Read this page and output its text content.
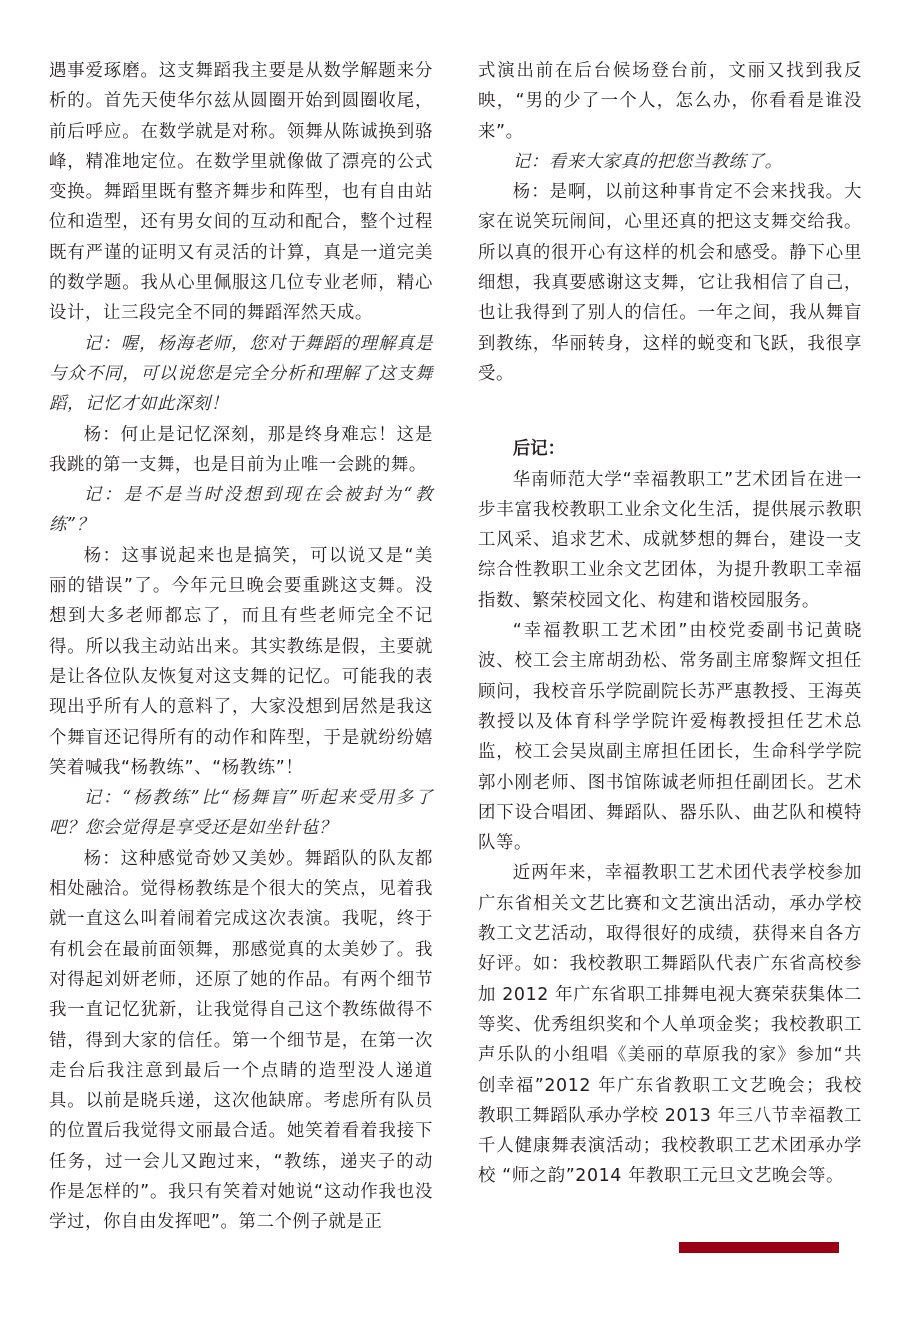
遇事爱琢磨。这支舞蹈我主要是从数学解题来分析的。首先天使华尔兹从圆圈开始到圆圈收尾，前后呼应。在数学就是对称。领舞从陈诚换到骆峰，精准地定位。在数学里就像做了漂亮的公式变换。舞蹈里既有整齐舞步和阵型，也有自由站位和造型，还有男女间的互动和配合，整个过程既有严谨的证明又有灵活的计算，真是一道完美的数学题。我从心里佩服这几位专业老师，精心设计，让三段完全不同的舞蹈浑然天成。

记：喔，杨海老师，您对于舞蹈的理解真是与众不同，可以说您是完全分析和理解了这支舞蹈，记忆才如此深刻！

杨：何止是记忆深刻，那是终身难忘！这是我跳的第一支舞，也是目前为止唯一会跳的舞。

记：是不是当时没想到现在会被封为“教练”？

杨：这事说起来也是搞笑，可以说又是“美丽的错误”了。今年元旦晚会要重跳这支舞。没想到大多老师都忘了，而且有些老师完全不记得。所以我主动站出来。其实教练是假，主要就是让各位队友恢复对这支舞的记忆。可能我的表现出乎所有人的意料了，大家没想到居然是我这个舞盲还记得所有的动作和阵型，于是就纷纷嬉笑着喊我“杨教练”、“杨教练”！

记：“杨教练”比“杨舞盲”听起来受用多了吧？您会觉得是享受还是如坐针毡？

杨：这种感觉奇妙又美妙。舞蹈队的队友都相处融洽。觉得杨教练是个很大的笑点，见着我就一直这么叫着闹着完成这次表演。我呢，终于有机会在最前面领舞，那感觉真的太美妙了。我对得起刘妍老师，还原了她的作品。有两个细节我一直记忆犹新，让我觉得自己这个教练做得不错，得到大家的信任。第一个细节是，在第一次走台后我注意到最后一个点睛的造型没人递道具。以前是晓兵递，这次他缺席。考虑所有队员的位置后我觉得文丽最合适。她笑着看着我接下任务，过一会儿又跑过来，“教练，递夹子的动作是怎样的”。我只有笑着对她说“这动作我也没学过，你自由发挥吧”。第二个例子就是正

式演出前在后台候场登台前，文丽又找到我反映，“男的少了一个人，怎么办，你看看是谁没来”。

记：看来大家真的把您当教练了。

杨：是啊，以前这种事肯定不会来找我。大家在说笑玩闹间，心里还真的把这支舞交给我。所以真的很开心有这样的机会和感受。静下心里细想，我真要感谢这支舞，它让我相信了自己，也让我得到了别人的信任。一年之间，我从舞盲到教练，华丽转身，这样的蜕变和飞跃，我很享受。

后记：

华南师范大学“幸福教职工”艺术团旨在进一步丰富我校教职工业余文化生活，提供展示教职工风采、追求艺术、成就梦想的舞台，建设一支综合性教职工业余文艺团体，为提升教职工幸福指数、繁荣校园文化、构建和谐校园服务。

“幸福教职工艺术团”由校党委副书记黄晓波、校工会主席胡劲松、常务副主席黎辉文担任顾问，我校音乐学院副院长苏严惠教授、王海英教授以及体育科学学院许爱梅教授担任艺术总监，校工会吴岚副主席担任团长，生命科学学院郭小刚老师、图书馆陈诚老师担任副团长。艺术团下设合唱团、舞蹈队、器乐队、曲艺队和模特队等。

近两年来，幸福教职工艺术团代表学校参加广东省相关文艺比赛和文艺演出活动，承办学校教工文艺活动，取得很好的成绩，获得来自各方好评。如：我校教职工舞蹈队代表广东省高校参加 2012 年广东省职工排舞电视大赛荣获集体二等奖、优秀组织奖和个人单项金奖；我校教职工声乐队的小组唱《美丽的草原我的家》参加“共创幸福”2012 年广东省教职工文艺晚会；我校教职工舞蹈队承办学校 2013 年三八节幸福教工千人健康舞表演活动；我校教职工艺术团承办学校 “师之韵”2014 年教职工元旦文艺晚会等。
